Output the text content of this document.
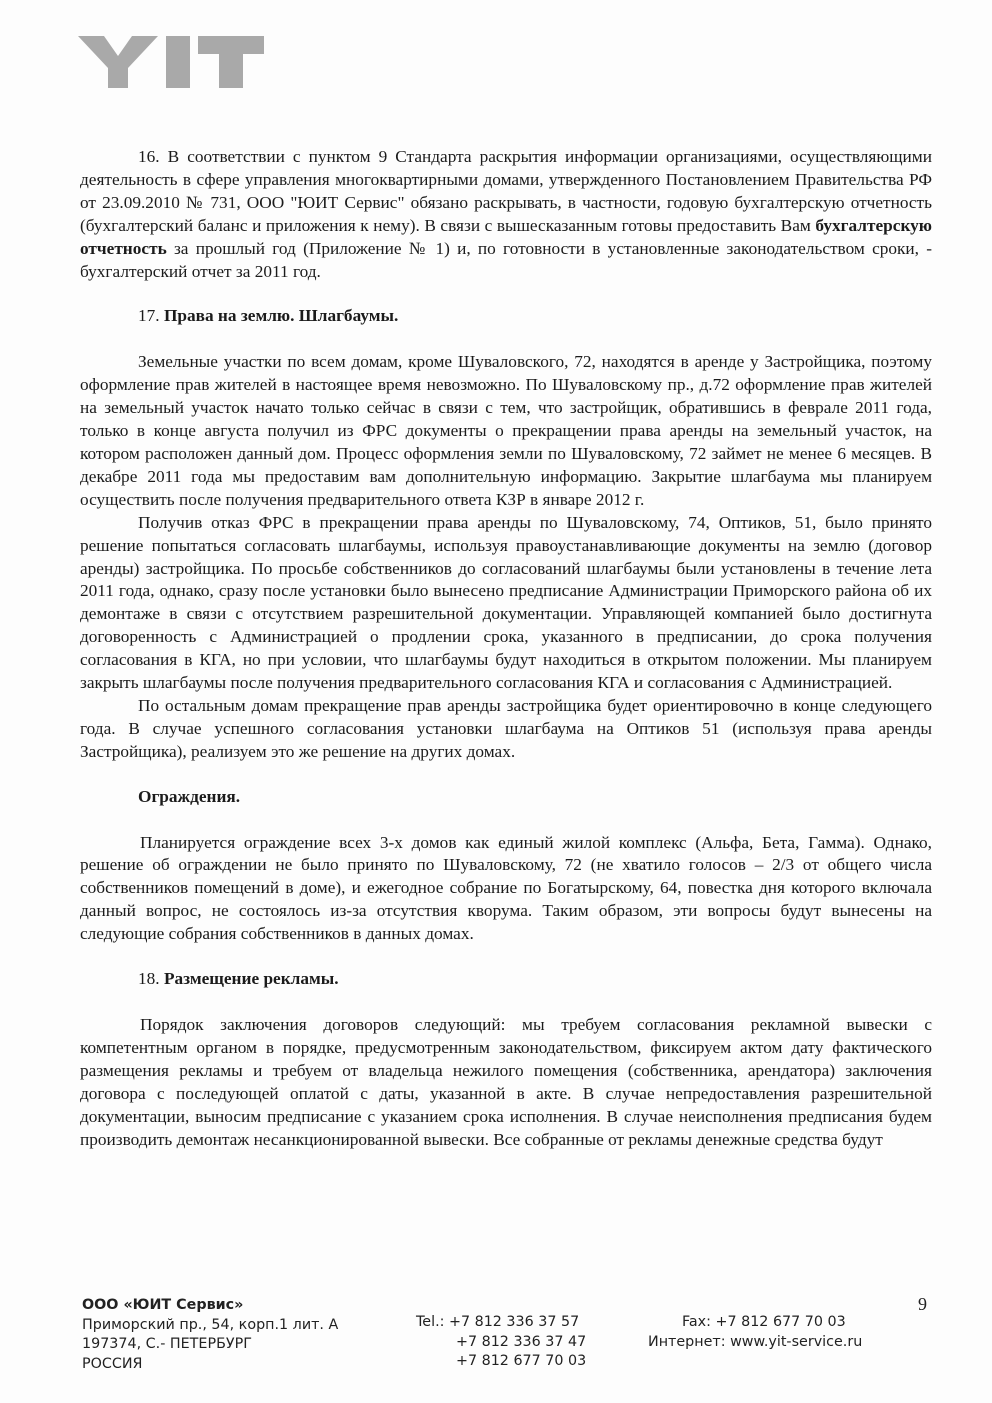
16. В соответствии с пунктом 9 Стандарта раскрытия информации организациями, осуществляющими деятельность в сфере управления многоквартирными домами, утвержденного Постановлением Правительства РФ от 23.09.2010 № 731, ООО "ЮИТ Сервис" обязано раскрывать, в частности, годовую бухгалтерскую отчетность (бухгалтерский баланс и приложения к нему). В связи с вышесказанным готовы предоставить Вам бухгалтерскую отчетность за прошлый год (Приложение № 1) и, по готовности в установленные законодательством сроки, - бухгалтерский отчет за 2011 год.

17. Права на землю. Шлагбаумы.

Земельные участки по всем домам, кроме Шуваловского, 72, находятся в аренде у Застройщика, поэтому оформление прав жителей в настоящее время невозможно. По Шуваловскому пр., д.72 оформление прав жителей на земельный участок начато только сейчас в связи с тем, что застройщик, обратившись в феврале 2011 года, только в конце августа получил из ФРС документы о прекращении права аренды на земельный участок, на котором расположен данный дом. Процесс оформления земли по Шуваловскому, 72 займет не менее 6 месяцев. В декабре 2011 года мы предоставим вам дополнительную информацию. Закрытие шлагбаума мы планируем осуществить после получения предварительного ответа КЗР в январе 2012 г.

Получив отказ ФРС в прекращении права аренды по Шуваловскому, 74, Оптиков, 51, было принято решение попытаться согласовать шлагбаумы, используя правоустанавливающие документы на землю (договор аренды) застройщика. По просьбе собственников до согласований шлагбаумы были установлены в течение лета 2011 года, однако, сразу после установки было вынесено предписание Администрации Приморского района об их демонтаже в связи с отсутствием разрешительной документации. Управляющей компанией было достигнута договоренность с Администрацией о продлении срока, указанного в предписании, до срока получения согласования в КГА, но при условии, что шлагбаумы будут находиться в открытом положении. Мы планируем закрыть шлагбаумы после получения предварительного согласования КГА и согласования с Администрацией.

По остальным домам прекращение прав аренды застройщика будет ориентировочно в конце следующего года. В случае успешного согласования установки шлагбаума на Оптиков 51 (используя права аренды Застройщика), реализуем это же решение на других домах.

Ограждения.

Планируется ограждение всех 3-х домов как единый жилой комплекс (Альфа, Бета, Гамма). Однако, решение об ограждении не было принято по Шуваловскому, 72 (не хватило голосов – 2/3 от общего числа собственников помещений в доме), и ежегодное собрание по Богатырскому, 64, повестка дня которого включала данный вопрос, не состоялось из-за отсутствия кворума. Таким образом, эти вопросы будут вынесены на следующие собрания собственников в данных домах.

18. Размещение рекламы.

Порядок заключения договоров следующий: мы требуем согласования рекламной вывески с компетентным органом в порядке, предусмотренным законодательством, фиксируем актом дату фактического размещения рекламы и требуем от владельца нежилого помещения (собственника, арендатора) заключения договора с последующей оплатой с даты, указанной в акте. В случае непредоставления разрешительной документации, выносим предписание с указанием срока исполнения. В случае неисполнения предписания будем производить демонтаж несанкционированной вывески. Все собранные от рекламы денежные средства будут

ООО «ЮИТ Сервис»
Приморский пр., 54, корп.1 лит. А
197374, С.- ПЕТЕРБУРГ
РОССИЯ
Tel.: +7 812 336 37 57
+7 812 336 37 47
+7 812 677 70 03
Fax: +7 812 677 70 03
Интернет: www.yit-service.ru
9
